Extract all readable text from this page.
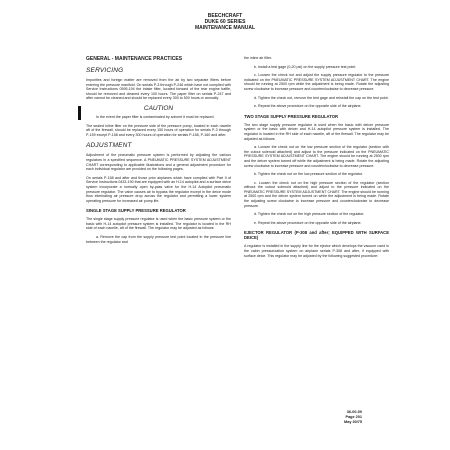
BEECHCRAFT
DUKE 60 SERIES
MAINTENANCE MANUAL
GENERAL - MAINTENANCE PRACTICES
SERVICING

Impurities and foreign matter are removed from the air by two separate filters before entering the pressure manifold. On serials P-3 through P-246 which have not complied with Service Instructions 0595-194 the intake filter, located forward of the rear engine baffle, should be removed and cleaned every 100 hours. The paper filter on serials P-247 and after cannot be cleaned and should be replaced every 300 to 500 hours or annually.

CAUTION

In the event the paper filter is contaminated by solvent it must be replaced.

The sealed inline filter on the pressure side of the pressure pump, located in each nacelle aft of the firewall, should be replaced every 150 hours of operation for serials P-3 through P-159 except P-158 and every 300 hours of operation for serials P-158, P-160 and after.

ADJUSTMENT

Adjustment of the pneumatic pressure system is performed by adjusting the various regulators in a specified sequence. A PNEUMATIC PRESSURE SYSTEM ADJUSTMENT CHART corresponding to applicable illustrations and a general adjustment procedure for each individual regulator are provided on the following pages.

On serials P-158 and after and those prior airplanes which have complied with Part II of Service Instructions 0433-190 that are equipped with an H-14 autopilot and a surface deice system incorporate a normally open by-pass valve for the H-14 Autopilot pneumatic pressure regulator. The valve causes air to bypass the regulator except in the deice mode thus eliminating air pressure drop across the regulator and permitting a lower system operating pressure for increased air pump life.

SINGLE STAGE SUPPLY PRESSURE REGULATOR

The single stage supply pressure regulator is used when the basic pressure system or the basic with H-14 autopilot pressure system is installed. The regulator is located in the RH side of each nacelle, aft of the firewall. The regulator may be adjusted as follows:

a. Remove the cap from the supply pressure test point located in the pressure line between the regulator and

the inline air filter.

b. Install a test gage (0-20 psi) on the supply pressure test point.

c. Loosen the check nut and adjust the supply pressure regulator to the pressure indicated on the PNEUMATIC PRESSURE SYSTEM ADJUSTMENT CHART. The engine should be running at 2500 rpm while the adjustment is being made. Rotate the adjusting screw clockwise to increase pressure and counterclockwise to decrease pressure.

d. Tighten the check nut, remove the test gage and reinstall the cap on the test point.

e. Repeat the above procedure on the opposite side of the airplane.

TWO STAGE SUPPLY PRESSURE REGULATOR

The two stage supply pressure regulator is used when the basic with deicer pressure system or the basic with deicer and H-14 autopilot pressure system is installed. The regulator is located in the RH side of each nacelle, aft of the firewall. The regulator may be adjusted as follows:

a. Loosen the check nut on the low pressure section of the regulator (section with the cutout solenoid attached) and adjust to the pressure indicated on the PNEUMATIC PRESSURE SYSTEM ADJUSTMENT CHART. The engine should be running at 2500 rpm and the deicer system turned off while the adjustment is being made. Rotate the adjusting screw clockwise to increase pressure and counterclockwise to decrease pressure.

b. Tighten the check nut on the low pressure section of the regulator.

c. Loosen the check nut on the high pressure section of the regulator (section without the cutout solenoid attached) and adjust to the pressure indicated on the PNEUMATIC PRESSURE SYSTEM ADJUSTMENT CHART. The engine should be running at 2500 rpm and the deicer system turned on while the adjustment is being made. Rotate the adjusting screw clockwise to increase pressure and counterclockwise to decrease pressure.

d. Tighten the check nut on the high pressure section of the regulator.

e. Repeat the above procedure on the opposite side of the airplane.

EJECTOR REGULATOR (P-308 and after; EQUIPPED WITH SURFACE DEICE)

A regulator is installed in the supply line for the ejector which develops the vacuum used in the cabin pressurization system on airplane serials P-308 and after, if equipped with surface deice. This regulator may be adjusted by the following suggested procedure:

36-00-00
Page 201
May 30/75
